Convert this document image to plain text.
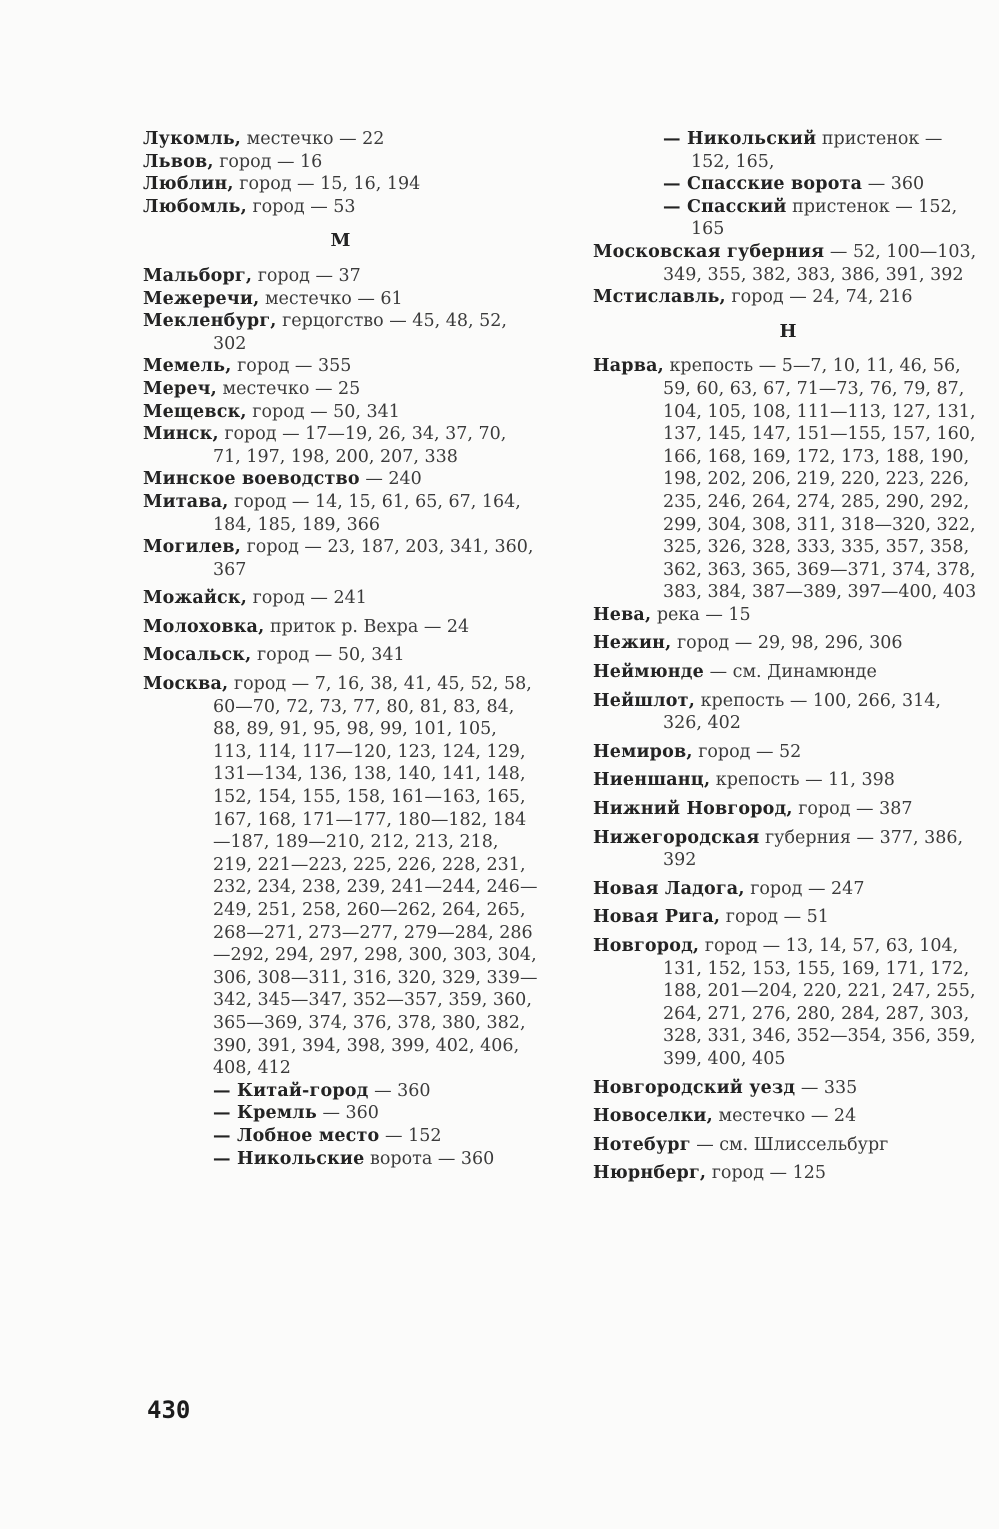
Лукомль, местечко — 22

Львов, город — 16

Люблин, город — 15, 16, 194

Любомль, город — 53

М

Мальборг, город — 37

Межеречи, местечко — 61

Мекленбург, герцогство — 45, 48, 52, 302

Мемель, город — 355

Мереч, местечко — 25

Мещевск, город — 50, 341

Минск, город — 17—19, 26, 34, 37, 70, 71, 197, 198, 200, 207, 338

Минское воеводство — 240

Митава, город — 14, 15, 61, 65, 67, 164, 184, 185, 189, 366

Могилев, город — 23, 187, 203, 341, 360, 367

Можайск, город — 241

Молоховка, приток р. Вехра — 24

Мосальск, город — 50, 341

Москва, город — 7, 16, 38, 41, 45, 52, 58, 60—70, 72, 73, 77, 80, 81, 83, 84, 88, 89, 91, 95, 98, 99, 101, 105, 113, 114, 117—120, 123, 124, 129, 131—134, 136, 138, 140, 141, 148, 152, 154, 155, 158, 161—163, 165, 167, 168, 171—177, 180—182, 184—187, 189—210, 212, 213, 218, 219, 221—223, 225, 226, 228, 231, 232, 234, 238, 239, 241—244, 246—249, 251, 258, 260—262, 264, 265, 268—271, 273—277, 279—284, 286—292, 294, 297, 298, 300, 303, 304, 306, 308—311, 316, 320, 329, 339—342, 345—347, 352—357, 359, 360, 365—369, 374, 376, 378, 380, 382, 390, 391, 394, 398, 399, 402, 406, 408, 412

— Китай-город — 360

— Кремль — 360

— Лобное место — 152

— Никольские ворота — 360

— Никольский пристенок — 152, 165,

— Спасские ворота — 360

— Спасский пристенок — 152, 165

Московская губерния — 52, 100—103, 349, 355, 382, 383, 386, 391, 392

Мстиславль, город — 24, 74, 216

Н

Нарва, крепость — 5—7, 10, 11, 46, 56, 59, 60, 63, 67, 71—73, 76, 79, 87, 104, 105, 108, 111—113, 127, 131, 137, 145, 147, 151—155, 157, 160, 166, 168, 169, 172, 173, 188, 190, 198, 202, 206, 219, 220, 223, 226, 235, 246, 264, 274, 285, 290, 292, 299, 304, 308, 311, 318—320, 322, 325, 326, 328, 333, 335, 357, 358, 362, 363, 365, 369—371, 374, 378, 383, 384, 387—389, 397—400, 403

Нева, река — 15

Нежин, город — 29, 98, 296, 306

Неймюнде — см. Динамюнде

Нейшлот, крепость — 100, 266, 314, 326, 402

Немиров, город — 52

Ниеншанц, крепость — 11, 398

Нижний Новгород, город — 387

Нижегородская губерния — 377, 386, 392

Новая Ладога, город — 247

Новая Рига, город — 51

Новгород, город — 13, 14, 57, 63, 104, 131, 152, 153, 155, 169, 171, 172, 188, 201—204, 220, 221, 247, 255, 264, 271, 276, 280, 284, 287, 303, 328, 331, 346, 352—354, 356, 359, 399, 400, 405

Новгородский уезд — 335

Новоселки, местечко — 24

Нотебург — см. Шлиссельбург

Нюрнберг, город — 125

430
